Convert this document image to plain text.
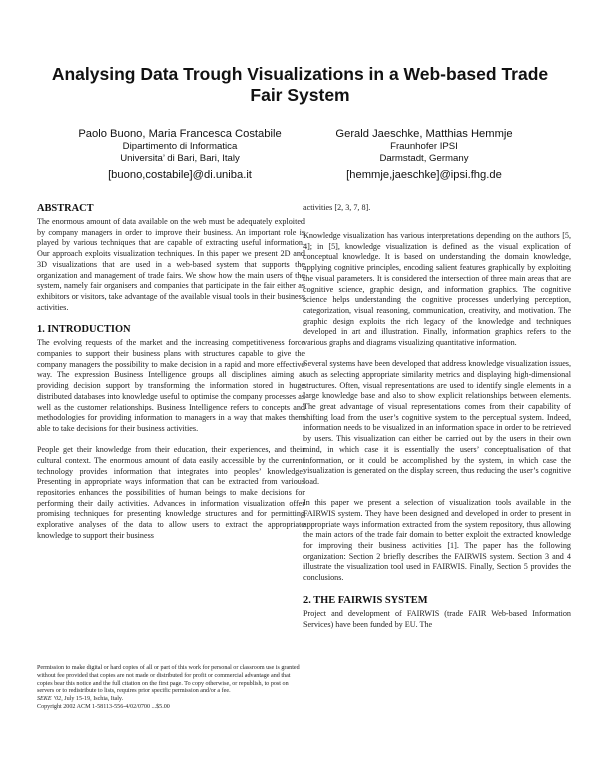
Analysing Data Trough Visualizations in a Web-based Trade Fair System
Paolo Buono, Maria Francesca Costabile
Dipartimento di Informatica
Universita’ di Bari, Bari, Italy
[buono,costabile]@di.uniba.it
Gerald Jaeschke, Matthias Hemmje
Fraunhofer IPSI
Darmstadt, Germany
[hemmje,jaeschke]@ipsi.fhg.de
ABSTRACT

The enormous amount of data available on the web must be adequately exploited by company managers in order to improve their business. An important role is played by various techniques that are capable of extracting useful information. Our approach exploits visualization techniques. In this paper we present 2D and 3D visualizations that are used in a web-based system that supports the organization and management of trade fairs. We show how the main users of the system, namely fair organisers and companies that participate in the fair either as exhibitors or visitors, take advantage of the available visual tools in their business activities.

1. INTRODUCTION

The evolving requests of the market and the increasing competitiveness force companies to support their business plans with structures capable to give the company managers the possibility to make decision in a rapid and more effective way. The expression Business Intelligence groups all disciplines aiming at providing decision support by transforming the information stored in huge distributed databases into knowledge useful to optimise the company processes as well as the customer relationships. Business Intelligence refers to concepts and methodologies for providing information to managers in a way that makes them able to take decisions for their business activities.

People get their knowledge from their education, their experiences, and their cultural context. The enormous amount of data easily accessible by the current technology provides information that integrates into peoples’ knowledge. Presenting in appropriate ways information that can be extracted from various repositories enhances the possibilities of human beings to make decisions for performing their daily activities. Advances in information visualization offer promising techniques for presenting knowledge structures and for permitting explorative analyses of the data to allow users to extract the appropriate knowledge to support their business

activities [2, 3, 7, 8].

Knowledge visualization has various interpretations depending on the authors [5, 4]; in [5], knowledge visualization is defined as the visual explication of conceptual knowledge. It is based on understanding the domain knowledge, applying cognitive principles, encoding salient features graphically by exploiting the visual parameters. It is considered the intersection of three main areas that are cognitive science, graphic design, and information graphics. The cognitive science helps understanding the cognitive processes underlying perception, categorization, visual reasoning, communication, creativity, and motivation. The graphic design exploits the rich legacy of the knowledge and techniques developed in art and illustration. Finally, information graphics refers to the various graphs and diagrams visualizing quantitative information.

Several systems have been developed that address knowledge visualization issues, such as selecting appropriate similarity metrics and displaying high-dimensional structures. Often, visual representations are used to identify single elements in a large knowledge base and also to show explicit relationships between elements. The great advantage of visual representations comes from their capability of shifting load from the user’s cognitive system to the perceptual system. Indeed, information needs to be visualized in an information space in order to be retrieved by users. This visualization can either be carried out by the users in their own mind, in which case it is essentially the users’ conceptualisation of that information, or it could be accomplished by the system, in which case the visualization is generated on the display screen, thus reducing the user’s cognitive load.

In this paper we present a selection of visualization tools available in the FAIRWIS system. They have been designed and developed in order to present in appropriate ways information extracted from the system repository, thus allowing the main actors of the trade fair domain to better exploit the extracted knowledge for improving their business activities [1]. The paper has the following organization: Section 2 briefly describes the FAIRWIS system. Section 3 and 4 illustrate the visualization tool used in FAIRWIS. Finally, Section 5 provides the conclusions.

2. THE FAIRWIS SYSTEM

Project and development of FAIRWIS (trade FAIR Web-based Information Services) have been funded by EU. The

Permission to make digital or hard copies of all or part of this work for personal or classroom use is granted without fee provided that copies are not made or distributed for profit or commercial advantage and that copies bear this notice and the full citation on the first page. To copy otherwise, or republish, to post on servers or to redistribute to lists, requires prior specific permission and/or a fee.
SEKE ’02, July 15-19, Ischia, Italy.
Copyright 2002 ACM 1-58113-556-4/02/0700 ...$5.00
